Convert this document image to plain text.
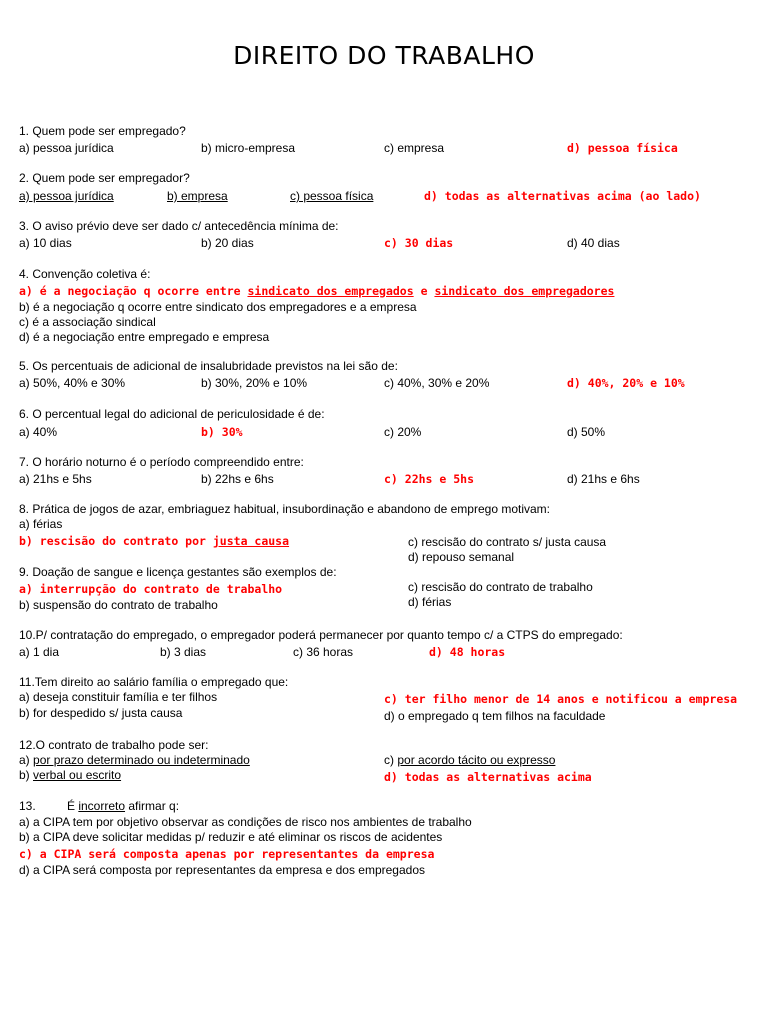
DIREITO DO TRABALHO
1. Quem pode ser empregado?
a) pessoa jurídica	b) micro-empresa	c) empresa	d) pessoa física
2. Quem pode ser empregador?
a) pessoa jurídica	b) empresa	c) pessoa física	d) todas as alternativas acima (ao lado)
3. O aviso prévio deve ser dado c/ antecedência mínima de:
a) 10 dias	b) 20 dias	c) 30 dias	d) 40 dias
4. Convenção coletiva é:
a) é a negociação q ocorre entre sindicato dos empregados e sindicato dos empregadores
b) é a negociação q ocorre entre sindicato dos empregadores e a empresa
c) é a associação sindical
d) é a negociação entre empregado e empresa
5. Os percentuais de adicional de insalubridade previstos na lei são de:
a) 50%, 40% e 30%	b) 30%, 20% e 10%	c) 40%, 30% e 20%	d) 40%, 20% e 10%
6. O percentual legal do adicional de periculosidade é de:
a) 40%	b) 30%	c) 20%	d) 50%
7. O horário noturno é o período compreendido entre:
a) 21hs e 5hs	b) 22hs e 6hs	c) 22hs e 5hs	d) 21hs e 6hs
8. Prática de jogos de azar, embriaguez habitual, insubordinação e abandono de emprego motivam:
a) férias
b) rescisão do contrato por justa causa	c) rescisão do contrato s/ justa causa
d) repouso semanal
9. Doação de sangue e licença gestantes são exemplos de:
a) interrupção do contrato de trabalho
b) suspensão do contrato de trabalho
c) rescisão do contrato de trabalho
d) férias
10.P/ contratação do empregado, o empregador poderá permanecer por quanto tempo c/ a CTPS do empregado:
a) 1 dia	b) 3 dias	c) 36 horas	d) 48 horas
11.Tem direito ao salário família o empregado que:
a) deseja constituir família e ter filhos
b) for despedido s/ justa causa
c) ter filho menor de 14 anos e notificou a empresa
d) o empregado q tem filhos na faculdade
12.O contrato de trabalho pode ser:
a) por prazo determinado ou indeterminado
b) verbal ou escrito
c) por acordo tácito ou expresso
d) todas as alternativas acima
13.	É incorreto afirmar q:
a) a CIPA tem por objetivo observar as condições de risco nos ambientes de trabalho
b) a CIPA deve solicitar medidas p/ reduzir e até eliminar os riscos de acidentes
c) a CIPA será composta apenas por representantes da empresa
d) a CIPA será composta por representantes da empresa e dos empregados
